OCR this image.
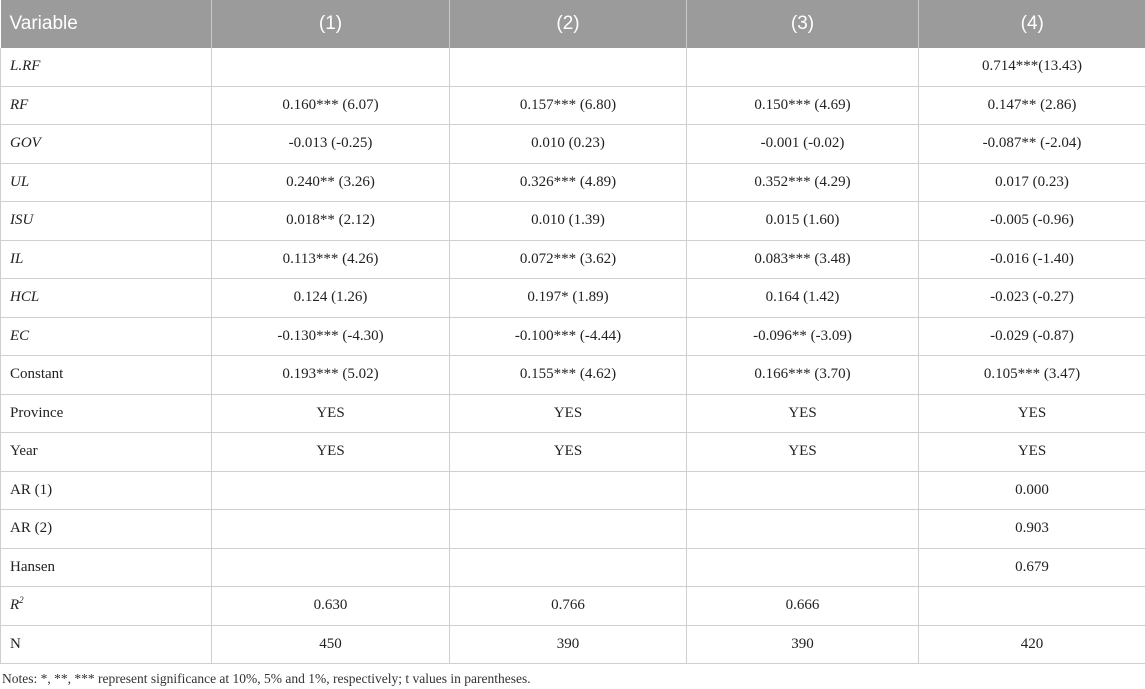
Variable	(1)	(2)	(3)	(4)
L.RF				0.714***(13.43)
RF	0.160*** (6.07)	0.157*** (6.80)	0.150*** (4.69)	0.147** (2.86)
GOV	-0.013 (-0.25)	0.010 (0.23)	-0.001 (-0.02)	-0.087** (-2.04)
UL	0.240** (3.26)	0.326*** (4.89)	0.352*** (4.29)	0.017 (0.23)
ISU	0.018** (2.12)	0.010 (1.39)	0.015 (1.60)	-0.005 (-0.96)
IL	0.113*** (4.26)	0.072*** (3.62)	0.083*** (3.48)	-0.016 (-1.40)
HCL	0.124 (1.26)	0.197* (1.89)	0.164 (1.42)	-0.023 (-0.27)
EC	-0.130*** (-4.30)	-0.100*** (-4.44)	-0.096** (-3.09)	-0.029 (-0.87)
Constant	0.193*** (5.02)	0.155*** (4.62)	0.166*** (3.70)	0.105*** (3.47)
Province	YES	YES	YES	YES
Year	YES	YES	YES	YES
AR (1)				0.000
AR (2)				0.903
Hansen				0.679
$R^2$	0.630	0.766	0.666	
N	450	390	390	420
Notes: *, **, *** represent significance at 10%, 5% and 1%, respectively; t values in parentheses.
